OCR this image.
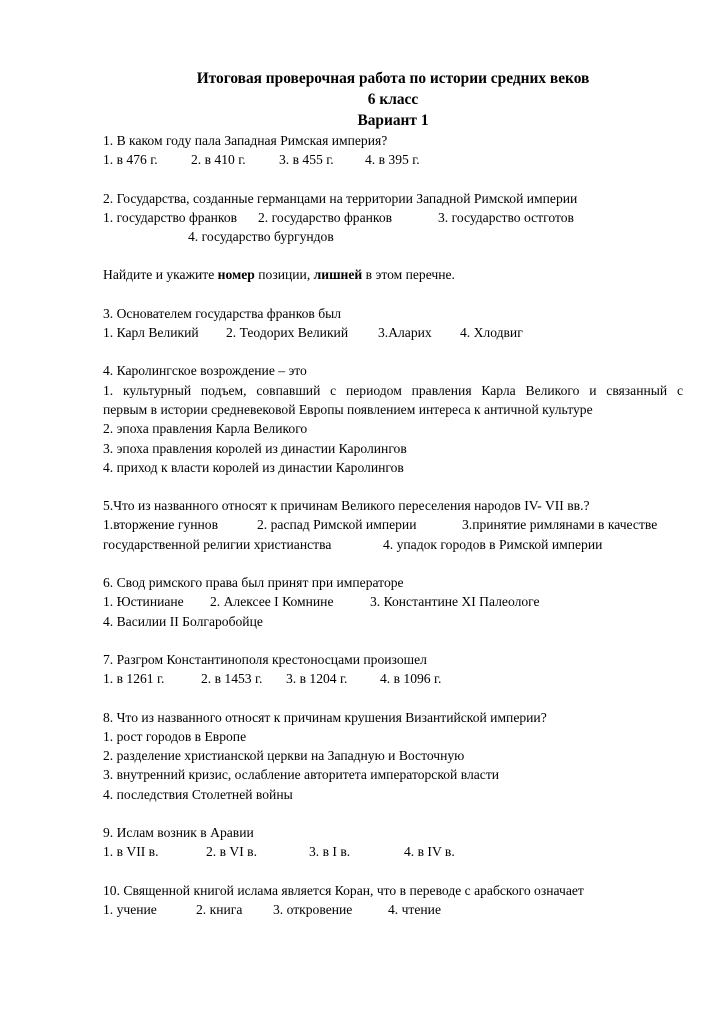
Итоговая проверочная работа по истории средних веков
6 класс
Вариант 1
1. В каком году пала Западная Римская империя?
1. в 476 г. 2. в 410 г. 3. в 455 г. 4. в 395 г.
2. Государства, созданные германцами на территории Западной Римской империи
1. государство франков 2. государство франков	3. государство остготов
4. государство бургундов
Найдите и укажите номер позиции, лишней в этом перечне.
3. Основателем государства франков был
1. Карл Великий 2. Теодорих Великий 3.Аларих 4. Хлодвиг
4. Каролингское возрождение – это
1. культурный подъем, совпавший с периодом правления Карла Великого и связанный с
первым в истории средневековой Европы появлением интереса к античной культуре
2. эпоха правления Карла Великого
3. эпоха правления королей из династии Каролингов
4. приход к власти королей из династии Каролингов
5.Что из названного относят к причинам Великого переселения народов IV- VII вв.?
1.вторжение гуннов	2. распад Римской империи	3.принятие римлянами в качестве
государственной религии христианства	4. упадок городов в Римской империи
6. Свод римского права был принят при императоре
1. Юстиниане 2. Алексее I Комнине	3. Константине XI Палеологе
4. Василии II Болгаробойце
7. Разгром Константинополя крестоносцами произошел
1. в 1261 г.	2. в 1453 г. 3. в 1204 г. 4. в 1096 г.
8. Что из названного относят к причинам крушения Византийской империи?
1. рост городов в Европе
2. разделение христианской церкви на Западную и Восточную
3. внутренний кризис, ослабление авторитета императорской власти
4. последствия Столетней войны
9. Ислам возник в Аравии
1. в VII в.	2. в VI в.	3. в I в.	4. в IV в.
10. Священной книгой ислама является Коран, что в переводе с арабского означает
1. учение	2. книга 3. откровение	4. чтение
